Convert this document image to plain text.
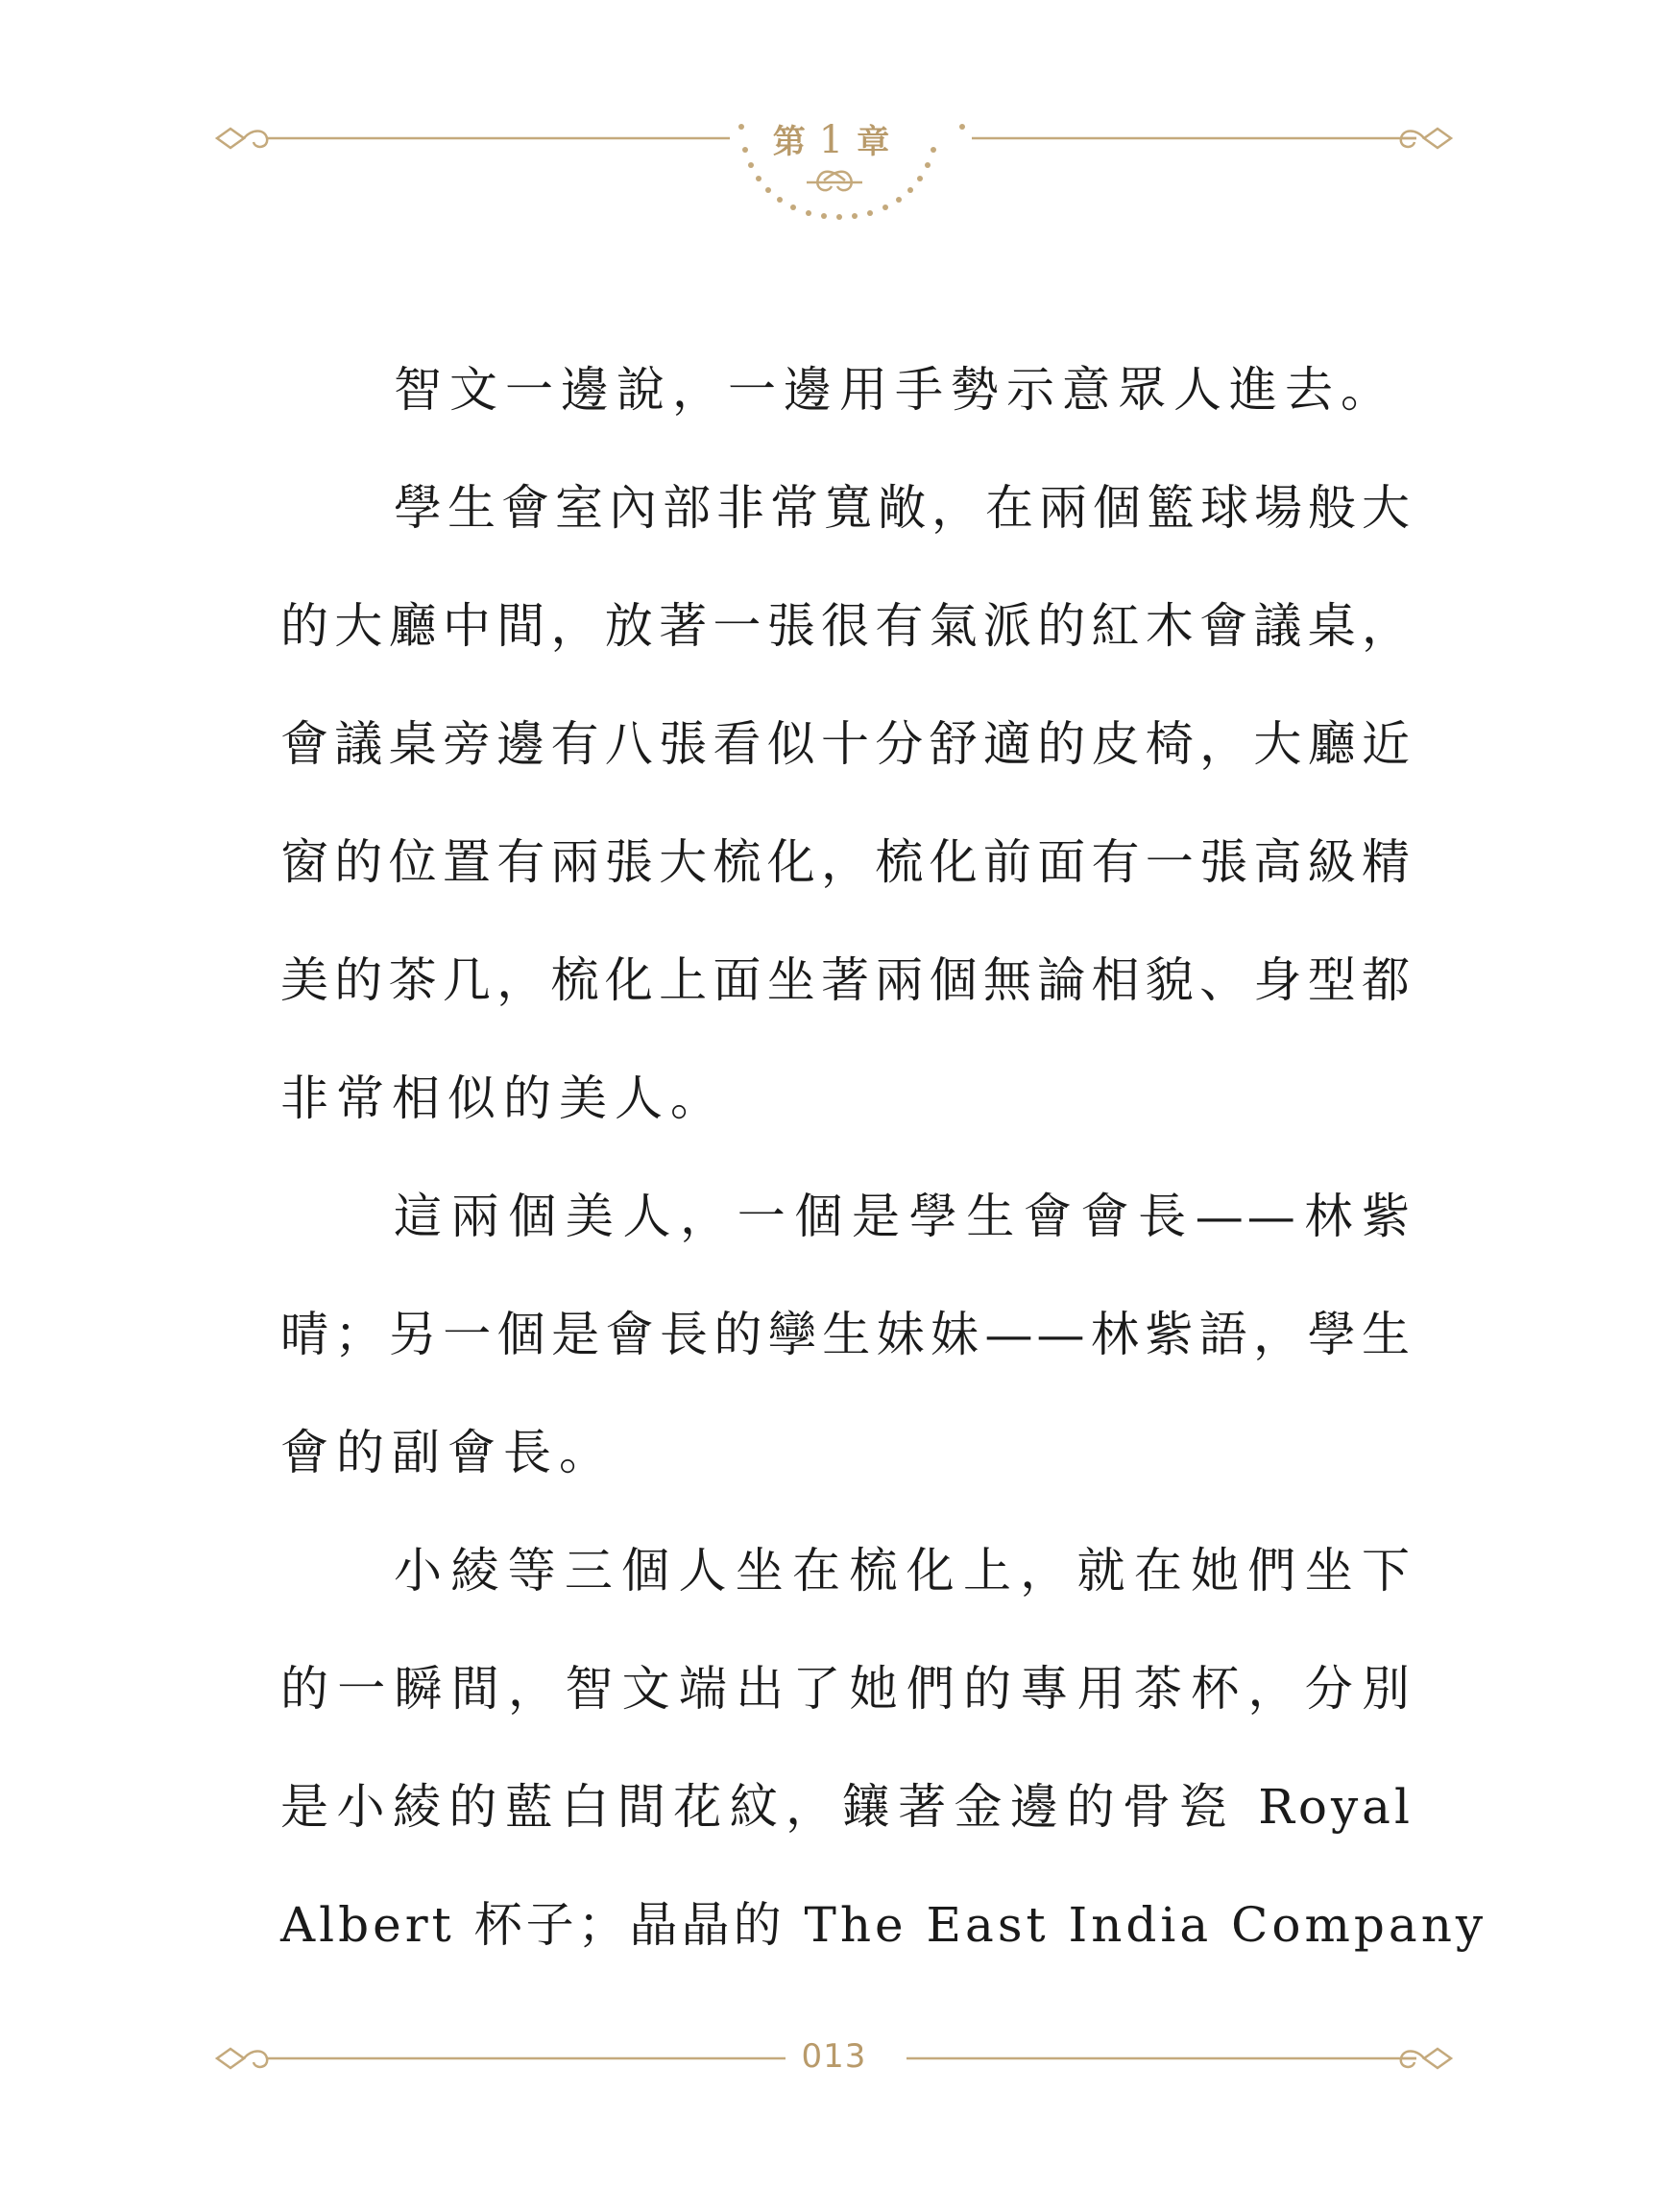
第 1 章
智文一邊說，一邊用手勢示意眾人進去。
學生會室內部非常寬敞，在兩個籃球場般大
的大廳中間，放著一張很有氣派的紅木會議桌，
會議桌旁邊有八張看似十分舒適的皮椅，大廳近
窗的位置有兩張大梳化，梳化前面有一張高級精
美的茶几，梳化上面坐著兩個無論相貌、身型都
非常相似的美人。
這兩個美人，一個是學生會會長——林紫
晴；另一個是會長的孿生妹妹——林紫語，學生
會的副會長。
小綾等三個人坐在梳化上，就在她們坐下
的一瞬間，智文端出了她們的專用茶杯，分別
是小綾的藍白間花紋，鑲著金邊的骨瓷 Royal
Albert 杯子；晶晶的 The East India Company
013
